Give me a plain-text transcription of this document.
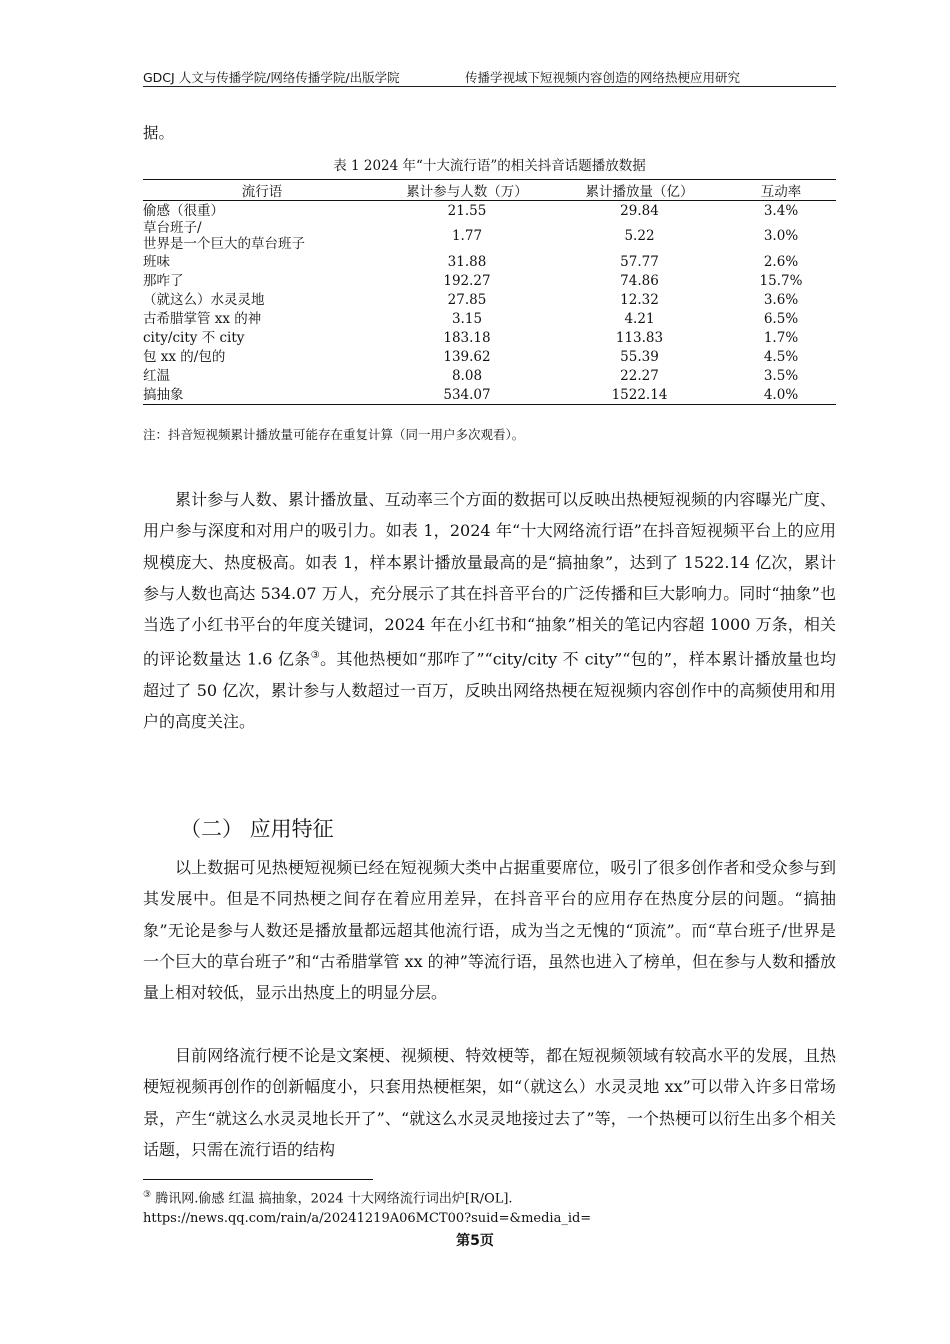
GDCJ 人文与传播学院/网络传播学院/出版学院	传播学视域下短视频内容创造的网络热梗应用研究
据。
表 1 2024 年“十大流行语”的相关抖音话题播放数据
流行语	累计参与人数（万）	累计播放量（亿）	互动率
偷感（很重）	21.55	29.84	3.4%
草台班子/
世界是一个巨大的草台班子	1.77	5.22	3.0%
班味	31.88	57.77	2.6%
那咋了	192.27	74.86	15.7%
（就这么）水灵灵地	27.85	12.32	3.6%
古希腊掌管 xx 的神	3.15	4.21	6.5%
city/city 不 city	183.18	113.83	1.7%
包 xx 的/包的	139.62	55.39	4.5%
红温	8.08	22.27	3.5%
搞抽象	534.07	1522.14	4.0%
注：抖音短视频累计播放量可能存在重复计算（同一用户多次观看）。
累计参与人数、累计播放量、互动率三个方面的数据可以反映出热梗短视频的内容曝光广度、用户参与深度和对用户的吸引力。如表 1，2024 年“十大网络流行语”在抖音短视频平台上的应用规模庞大、热度极高。如表 1，样本累计播放量最高的是“搞抽象”，达到了 1522.14 亿次，累计参与人数也高达 534.07 万人，充分展示了其在抖音平台的广泛传播和巨大影响力。同时“抽象”也当选了小红书平台的年度关键词，2024 年在小红书和“抽象”相关的笔记内容超 1000 万条，相关的评论数量达 1.6 亿条③。其他热梗如“那咋了”“city/city 不 city”“包的”，样本累计播放量也均超过了 50 亿次，累计参与人数超过一百万，反映出网络热梗在短视频内容创作中的高频使用和用户的高度关注。
（二） 应用特征
以上数据可见热梗短视频已经在短视频大类中占据重要席位，吸引了很多创作者和受众参与到其发展中。但是不同热梗之间存在着应用差异，在抖音平台的应用存在热度分层的问题。“搞抽象”无论是参与人数还是播放量都远超其他流行语，成为当之无愧的“顶流”。而“草台班子/世界是一个巨大的草台班子”和“古希腊掌管 xx 的神”等流行语，虽然也进入了榜单，但在参与人数和播放量上相对较低，显示出热度上的明显分层。
目前网络流行梗不论是文案梗、视频梗、特效梗等，都在短视频领域有较高水平的发展，且热梗短视频再创作的创新幅度小，只套用热梗框架，如“（就这么）水灵灵地 xx”可以带入许多日常场景，产生“就这么水灵灵地长开了”、“就这么水灵灵地接过去了”等，一个热梗可以衍生出多个相关话题，只需在流行语的结构
③ 腾讯网.偷感 红温 搞抽象，2024 十大网络流行词出炉[R/OL].
https://news.qq.com/rain/a/20241219A06MCT00?suid=&media_id=
第5页
